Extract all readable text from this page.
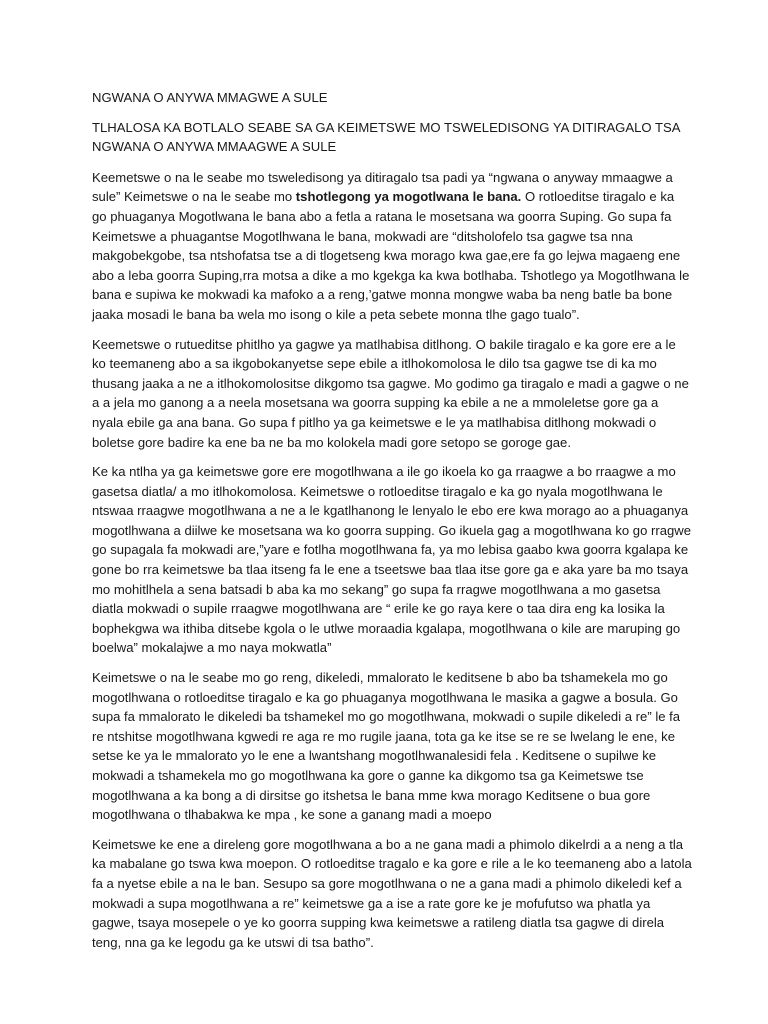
NGWANA O ANYWA MMAGWE A SULE

TLHALOSA KA BOTLALO SEABE SA GA KEIMETSWE MO TSWELEDISONG YA DITIRAGALO TSA NGWANA O ANYWA MMAAGWE A SULE

Keemetswe o na le seabe mo tsweledisong ya ditiragalo tsa padi ya “ngwana o anyway mmaagwe a sule” Keimetswe o na le seabe mo tshotlegong ya mogotlwana le bana. O rotloeditse tiragalo e ka go phuaganya Mogotlwana le bana abo a fetla a ratana le mosetsana wa goorra Suping. Go supa fa Keimetswe a phuagantse Mogotlhwana le bana, mokwadi are “ditsholofelo tsa gagwe tsa nna makgobekgobe, tsa ntshofatsa tse a di tlogetseng kwa morago kwa gae,ere fa go lejwa magaeng ene abo a leba goorra Suping,rra motsa a dike a mo kgekga ka kwa botlhaba. Tshotlego ya Mogotlhwana le bana e supiwa ke mokwadi ka mafoko a a reng,’gatwe monna mongwe waba ba neng batle ba bone jaaka mosadi le bana ba wela mo isong o kile a peta sebete monna tlhe gago tualo”.

Keemetswe o rutueditse phitlho ya gagwe ya matlhabisa ditlhong. O bakile tiragalo e ka gore ere a le ko teemaneng abo a sa ikgobokanyetse sepe ebile a itlhokomolosa le dilo tsa gagwe tse di ka mo thusang jaaka a ne a itlhokomolositse dikgomo tsa gagwe. Mo godimo ga tiragalo e madi a gagwe o ne a a jela mo ganong a a neela mosetsana wa goorra supping ka ebile a ne a mmoleletse gore ga a nyala ebile ga ana bana. Go supa f pitlho ya ga keimetswe e le ya matlhabisa ditlhong mokwadi o boletse gore badire ka ene ba ne ba mo kolokela madi gore setopo se goroge gae.

Ke ka ntlha ya ga keimetswe gore ere mogotlhwana a ile go ikoela ko ga rraagwe a bo rraagwe a mo gasetsa diatla/ a mo itlhokomolosa. Keimetswe o rotloeditse tiragalo e ka go nyala mogotlhwana le ntswaa rraagwe mogotlhwana a ne a le kgatlhanong le lenyalo le ebo ere kwa morago ao a phuaganya mogotlhwana a diilwe ke mosetsana wa ko goorra supping. Go ikuela gag a mogotlhwana ko go rragwe go supagala fa mokwadi are,”yare e fotlha mogotlhwana fa, ya mo lebisa gaabo kwa goorra kgalapa ke gone bo rra keimetswe ba tlaa itseng fa le ene a tseetswe baa tlaa itse gore ga e aka yare ba mo tsaya mo mohitlhela a sena batsadi b aba ka mo sekang” go supa fa rragwe mogotlhwana a mo gasetsa diatla mokwadi o supile rraagwe mogotlhwana are “ erile ke go raya kere o taa dira eng ka losika la bophekgwa wa ithiba ditsebe kgola o le utlwe moraadia kgalapa, mogotlhwana o kile are maruping go boelwa” mokalajwe a mo naya mokwatla”

Keimetswe o na le seabe mo go reng, dikeledi, mmalorato le keditsene b abo ba tshamekela mo go mogotlhwana o rotloeditse tiragalo e ka go phuaganya mogotlhwana le masika a gagwe a bosula. Go supa fa mmalorato le dikeledi ba tshamekel mo go mogotlhwana, mokwadi o supile dikeledi a re” le fa re ntshitse mogotlhwana kgwedi re aga re mo rugile jaana, tota ga ke itse se re se lwelang le ene, ke setse ke ya le mmalorato yo le ene a lwantshang mogotlhwanalesidi fela . Keditsene o supilwe ke mokwadi a tshamekela mo go mogotlhwana ka gore o ganne ka dikgomo tsa ga Keimetswe tse mogotlhwana a ka bong a di dirsitse go itshetsa le bana mme kwa morago Keditsene o bua gore mogotlhwana o tlhabakwa ke mpa , ke sone a ganang madi a moepo

Keimetswe ke ene a direleng gore mogotlhwana a bo a ne gana madi a phimolo dikelrdi a a neng a tla ka mabalane go tswa kwa moepon. O rotloeditse tragalo e ka gore e rile a le ko teemaneng abo a latola fa a nyetse ebile a na le ban. Sesupo sa gore mogotlhwana o ne a gana madi a phimolo dikeledi kef a mokwadi a supa mogotlhwana a re” keimetswe ga a ise a rate gore ke je mofufutso wa phatla ya gagwe, tsaya mosepele o ye ko goorra supping kwa keimetswe a ratileng diatla tsa gagwe di direla teng, nna ga ke legodu ga ke utswi di tsa batho”.
